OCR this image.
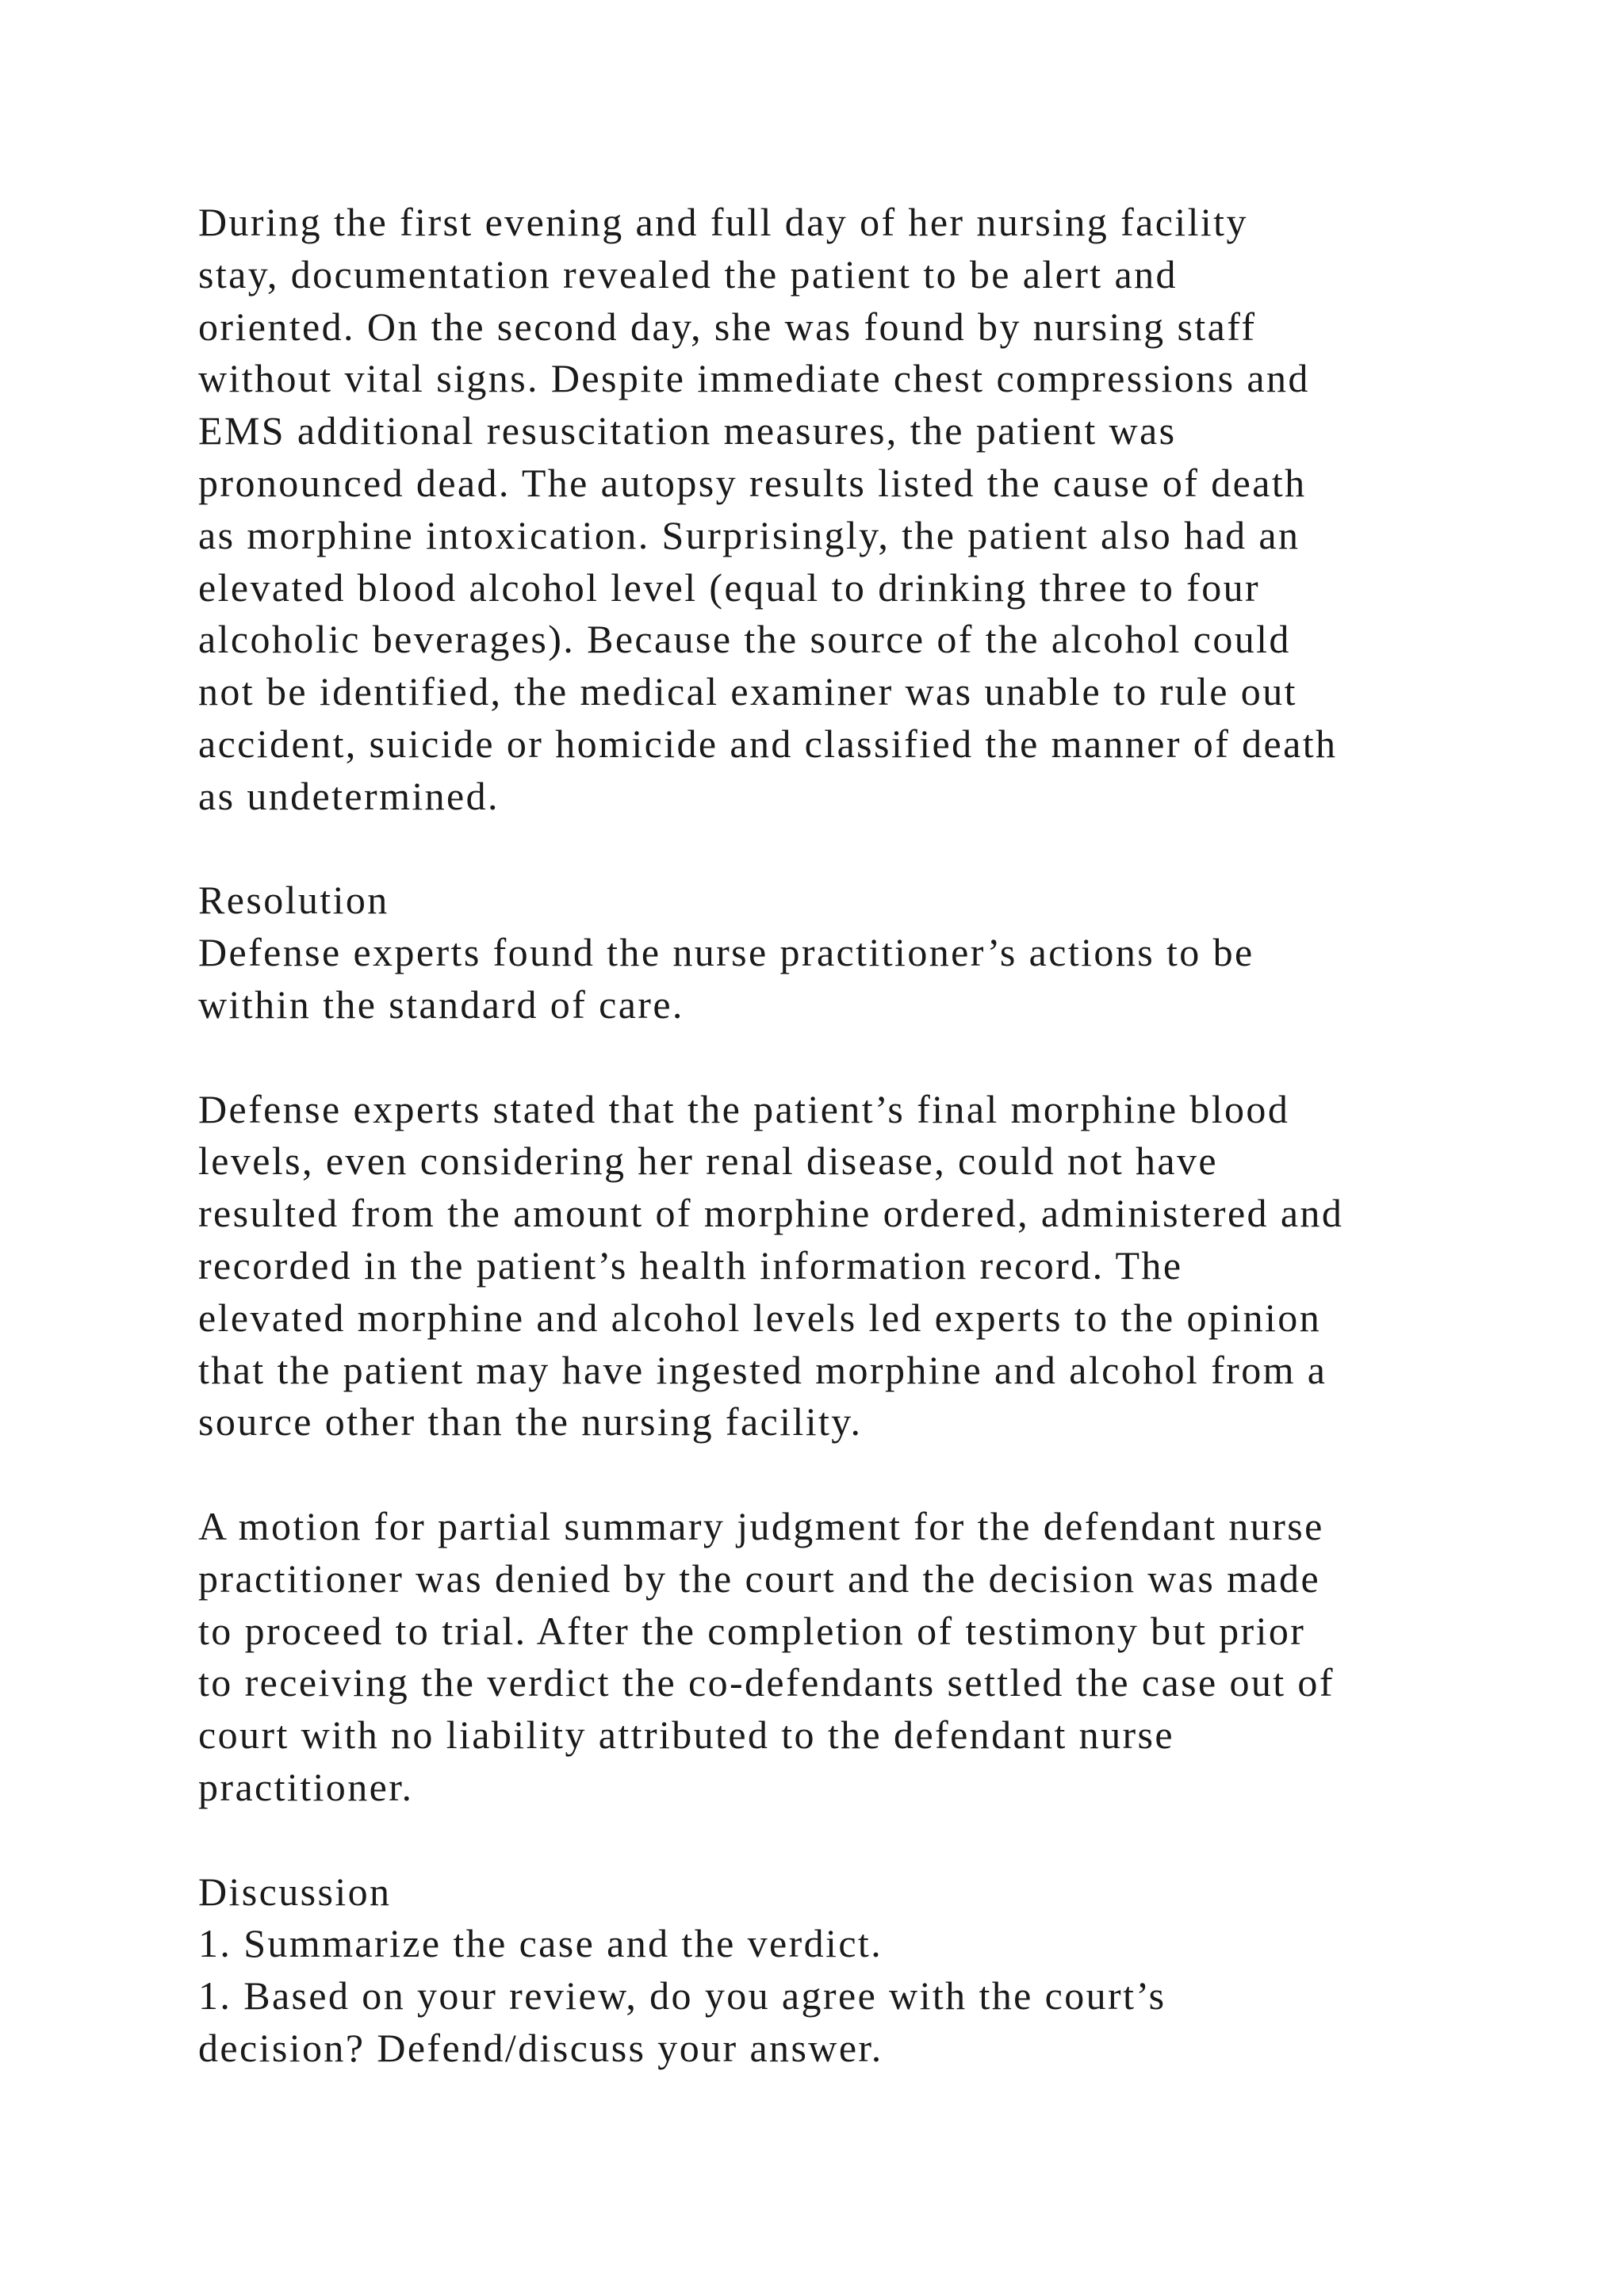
During the first evening and full day of her nursing facility
stay, documentation revealed the patient to be alert and
oriented. On the second day, she was found by nursing staff
without vital signs. Despite immediate chest compressions and
EMS additional resuscitation measures, the patient was
pronounced dead. The autopsy results listed the cause of death
as morphine intoxication. Surprisingly, the patient also had an
elevated blood alcohol level (equal to drinking three to four
alcoholic beverages). Because the source of the alcohol could
not be identified, the medical examiner was unable to rule out
accident, suicide or homicide and classified the manner of death
as undetermined.

Resolution

Defense experts found the nurse practitioner’s actions to be
within the standard of care.

Defense experts stated that the patient’s final morphine blood
levels, even considering her renal disease, could not have
resulted from the amount of morphine ordered, administered and
recorded in the patient’s health information record. The
elevated morphine and alcohol levels led experts to the opinion
that the patient may have ingested morphine and alcohol from a
source other than the nursing facility.

A motion for partial summary judgment for the defendant nurse
practitioner was denied by the court and the decision was made
to proceed to trial. After the completion of testimony but prior
to receiving the verdict the co-defendants settled the case out of
court with no liability attributed to the defendant nurse
practitioner.

Discussion
1. Summarize the case and the verdict.
1. Based on your review, do you agree with the court’s
decision? Defend/discuss your answer.
